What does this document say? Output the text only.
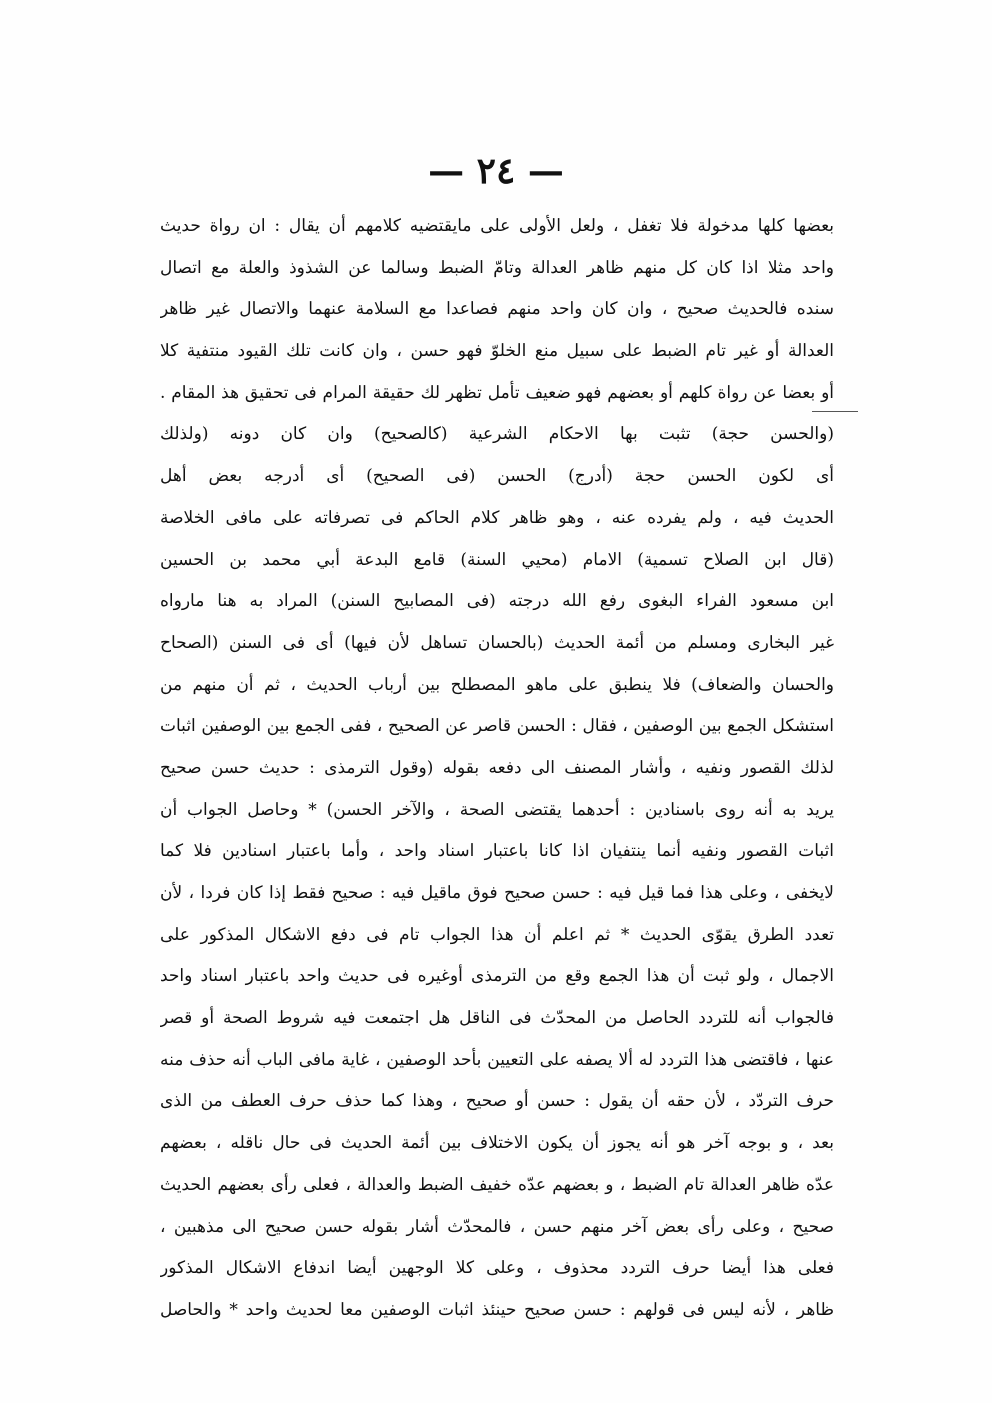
— ٢٤ —
بعضها كلها مدخولة فلا تغفل ، ولعل الأولى على مايقتضيه كلامهم أن يقال : ان رواة حديث
واحد مثلا اذا كان كل منهم ظاهر العدالة وتامّ الضبط وسالما عن الشذوذ والعلة مع اتصال
سنده فالحديث صحيح ، وان كان واحد منهم فصاعدا مع السلامة عنهما والاتصال غير ظاهر
العدالة أو غير تام الضبط على سبيل منع الخلوّ فهو حسن ، وان كانت تلك القيود منتفية كلا
أو بعضا عن رواة كلهم أو بعضهم فهو ضعيف تأمل تظهر لك حقيقة المرام فى تحقيق هذ المقام .
(والحسن حجة) تثبت بها الاحكام الشرعية (كالصحيح) وان كان دونه (ولذلك
أى لكون الحسن حجة (أدرج) الحسن (فى الصحيح) أى أدرجه بعض أهل
الحديث فيه ، ولم يفرده عنه ، وهو ظاهر كلام الحاكم فى تصرفاته على مافى الخلاصة
(قال ابن الصلاح تسمية) الامام (محيي السنة) قامع البدعة أبي محمد بن الحسين
ابن مسعود الفراء البغوى رفع الله درجته (فى المصابيح السنن) المراد به هنا مارواه
غير البخارى ومسلم من أئمة الحديث (بالحسان تساهل لأن فيها) أى فى السنن (الصحاح
والحسان والضعاف) فلا ينطبق على ماهو المصطلح بين أرباب الحديث ، ثم أن منهم من
استشكل الجمع بين الوصفين ، فقال : الحسن قاصر عن الصحيح ، ففى الجمع بين الوصفين اثبات
لذلك القصور ونفيه ، وأشار المصنف الى دفعه بقوله (وقول الترمذى : حديث حسن صحيح
يريد به أنه روى باسنادين : أحدهما يقتضى الصحة ، والآخر الحسن) * وحاصل الجواب أن
اثبات القصور ونفيه أنما ينتفيان اذا كانا باعتبار اسناد واحد ، وأما باعتبار اسنادين فلا كما
لايخفى ، وعلى هذا فما قيل فيه : حسن صحيح فوق ماقيل فيه : صحيح فقط إذا كان فردا ، لأن
تعدد الطرق يقوّى الحديث * ثم اعلم أن هذا الجواب تام فى دفع الاشكال المذكور على
الاجمال ، ولو ثبت أن هذا الجمع وقع من الترمذى أوغيره فى حديث واحد باعتبار اسناد واحد
فالجواب أنه للتردد الحاصل من المحدّث فى الناقل هل اجتمعت فيه شروط الصحة أو قصر
عنها ، فاقتضى هذا التردد له ألا يصفه على التعيين بأحد الوصفين ، غاية مافى الباب أنه حذف منه
حرف التردّد ، لأن حقه أن يقول : حسن أو صحيح ، وهذا كما حذف حرف العطف من الذى
بعد ، و بوجه آخر هو أنه يجوز أن يكون الاختلاف بين أئمة الحديث فى حال ناقله ، بعضهم
عدّه ظاهر العدالة تام الضبط ، و بعضهم عدّه خفيف الضبط والعدالة ، فعلى رأى بعضهم الحديث
صحيح ، وعلى رأى بعض آخر منهم حسن ، فالمحدّث أشار بقوله حسن صحيح الى مذهبين ،
فعلى هذا أيضا حرف التردد محذوف ، وعلى كلا الوجهين أيضا اندفاع الاشكال المذكور
ظاهر ، لأنه ليس فى قولهم : حسن صحيح حينئذ اثبات الوصفين معا لحديث واحد * والحاصل
